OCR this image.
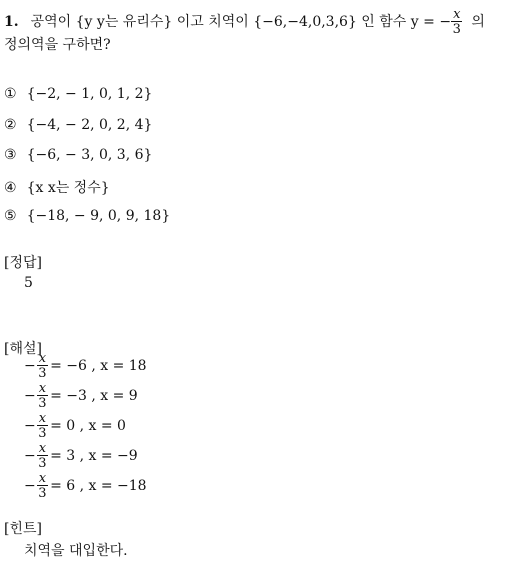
1. 공역이 {y y는 유리수} 이고 치역이 {−6,−4,0,3,6} 인 함수 y = − $\frac{x}{3}$ 의
정의역을 구하면?
① {−2, − 1, 0, 1, 2}
② {−4, − 2, 0, 2, 4}
③ {−6, − 3, 0, 3, 6}
④ {x x는 정수}
⑤ {−18, − 9, 0, 9, 18}
[정답]
5
[해설]
− $\frac{x}{3} = -6$ , x = 18
− $\frac{x}{3} = -3$ , x = 9
− $\frac{x}{3} = 0$ , x = 0
− $\frac{x}{3} = 3$ , x = −9
− $\frac{x}{3} = 6$ , x = −18
[힌트]
치역을 대입한다.
